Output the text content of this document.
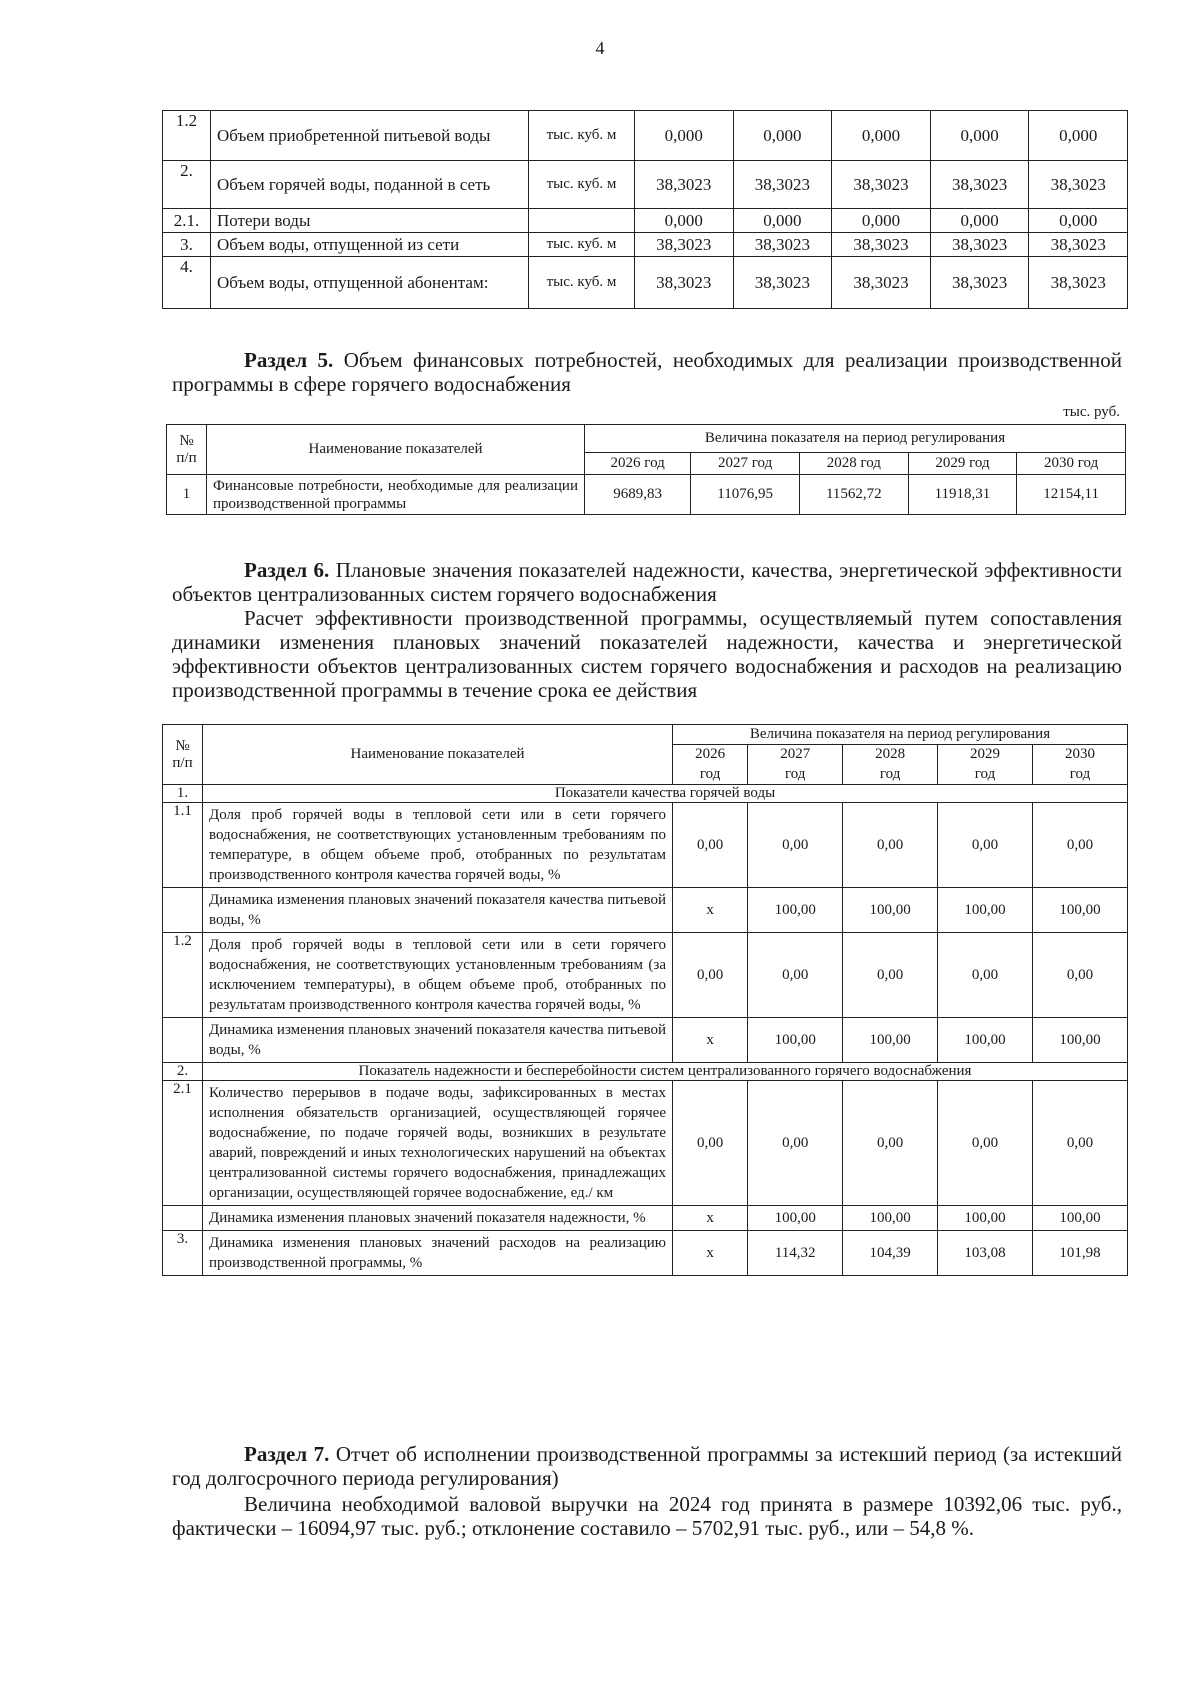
4
1.2	Объем приобретенной питьевой воды	тыс. куб. м	0,000	0,000	0,000	0,000	0,000
2.	Объем горячей воды, поданной в сеть	тыс. куб. м	38,3023	38,3023	38,3023	38,3023	38,3023
2.1.	Потери воды		0,000	0,000	0,000	0,000	0,000
3.	Объем воды, отпущенной из сети	тыс. куб. м	38,3023	38,3023	38,3023	38,3023	38,3023
4.	Объем воды, отпущенной абонентам:	тыс. куб. м	38,3023	38,3023	38,3023	38,3023	38,3023
Раздел 5. Объем финансовых потребностей, необходимых для реализации производственной программы в сфере горячего водоснабжения
тыс. руб.
№ п/п	Наименование показателей	Величина показателя на период регулирования				
		2026 год	2027 год	2028 год	2029 год	2030 год
1	Финансовые потребности, необходимые для реализации производственной программы	9689,83	11076,95	11562,72	11918,31	12154,11
Раздел 6. Плановые значения показателей надежности, качества, энергетической эффективности объектов централизованных систем горячего водоснабжения
Расчет эффективности производственной программы, осуществляемый путем сопоставления динамики изменения плановых значений показателей надежности, качества и энергетической эффективности объектов централизованных систем горячего водоснабжения и расходов на реализацию производственной программы в течение срока ее действия
№ п/п	Наименование показателей	Величина показателя на период регулирования				
		2026	2027	2028	2029	2030
		год	год	год	год	год
1.	Показатели качества горячей воды					
1.1	Доля проб горячей воды в тепловой сети или в сети горячего водоснабжения, не соответствующих установленным требованиям по температуре, в общем объеме проб, отобранных по результатам производственного контроля качества горячей воды, %	0,00	0,00	0,00	0,00	0,00
	Динамика изменения плановых значений показателя качества питьевой воды, %	х	100,00	100,00	100,00	100,00
1.2	Доля проб горячей воды в тепловой сети или в сети горячего водоснабжения, не соответствующих установленным требованиям (за исключением температуры), в общем объеме проб, отобранных по результатам производственного контроля качества горячей воды, %	0,00	0,00	0,00	0,00	0,00
	Динамика изменения плановых значений показателя качества питьевой воды, %	х	100,00	100,00	100,00	100,00
2.	Показатель надежности и бесперебойности систем централизованного горячего водоснабжения					
2.1	Количество перерывов в подаче воды, зафиксированных в местах исполнения обязательств организацией, осуществляющей горячее водоснабжение, по подаче горячей воды, возникших в результате аварий, повреждений и иных технологических нарушений на объектах централизованной системы горячего водоснабжения, принадлежащих организации, осуществляющей горячее водоснабжение, ед./ км	0,00	0,00	0,00	0,00	0,00
	Динамика изменения плановых значений показателя надежности, %	х	100,00	100,00	100,00	100,00
3.	Динамика изменения плановых значений расходов на реализацию производственной программы, %	х	114,32	104,39	103,08	101,98
Раздел 7. Отчет об исполнении производственной программы за истекший период (за истекший год долгосрочного периода регулирования)
Величина необходимой валовой выручки на 2024 год принята в размере 10392,06 тыс. руб., фактически – 16094,97 тыс. руб.; отклонение составило – 5702,91 тыс. руб., или – 54,8 %.
